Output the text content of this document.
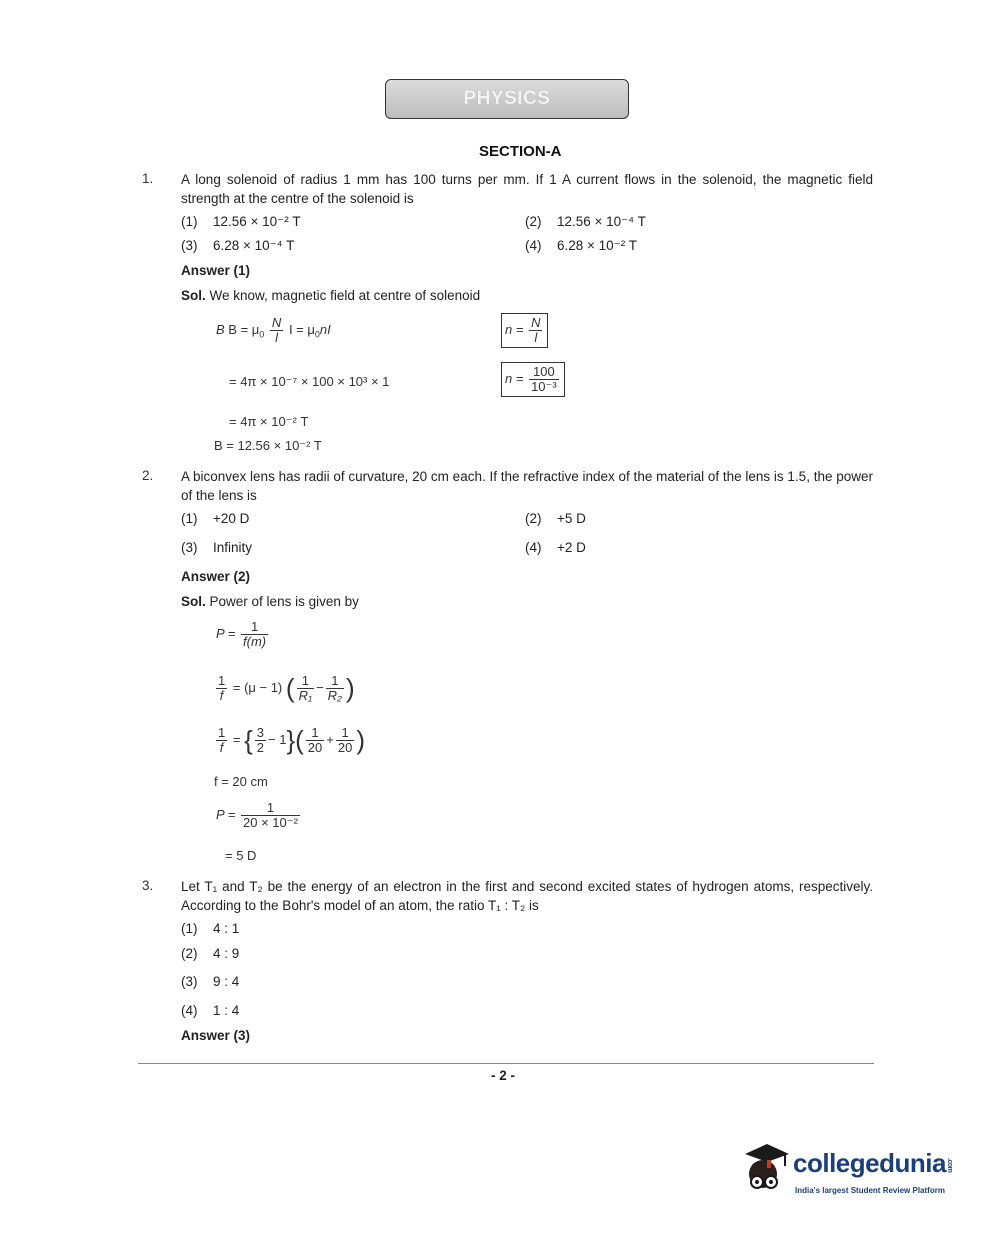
PHYSICS
SECTION-A
1. A long solenoid of radius 1 mm has 100 turns per mm. If 1 A current flows in the solenoid, the magnetic field strength at the centre of the solenoid is
(1) 12.56 × 10⁻² T	(2) 12.56 × 10⁻⁴ T
(3) 6.28 × 10⁻⁴ T	(4) 6.28 × 10⁻² T
Answer (1)
Sol. We know, magnetic field at centre of solenoid
B $B = \mu_0 \frac{N}{l}$ $I = \mu_0nI$	$n = \frac{N}{l}$
= 4π × 10⁻⁷ × 100 × 10³ × 1	$n = \frac{100}{\text{10⁻³}}$
= 4π × 10⁻² T
B = 12.56 × 10⁻² T
2. A biconvex lens has radii of curvature, 20 cm each. If the refractive index of the material of the lens is 1.5, the power of the lens is
(1) +20 D	(2) +5 D
(3) Infinity	(4) +2 D
Answer (2)
Sol. Power of lens is given by
$P = \frac{1}{f(m)}$
$\frac{1}{f} = (\mu - 1)$ ( $\frac{1}{\text{R₁}} - \frac{1}{\text{R₂}}$ )
$\frac{1}{f}$ = { $\frac{3}{2} - 1\}( \frac{1}{20} + \frac{1}{20}$ )
f = 20 cm
$P = \frac{1}{\text{20 × 10⁻²}}$
= 5 D
3. Let T₁ and T₂ be the energy of an electron in the first and second excited states of hydrogen atoms, respectively. According to the Bohr's model of an atom, the ratio T₁ : T₂ is
(1) 4 : 1
(2) 4 : 9
(3) 9 : 4
(4) 1 : 4
Answer (3)
- 2 -
collegedunia.com
India's largest Student Review Platform
